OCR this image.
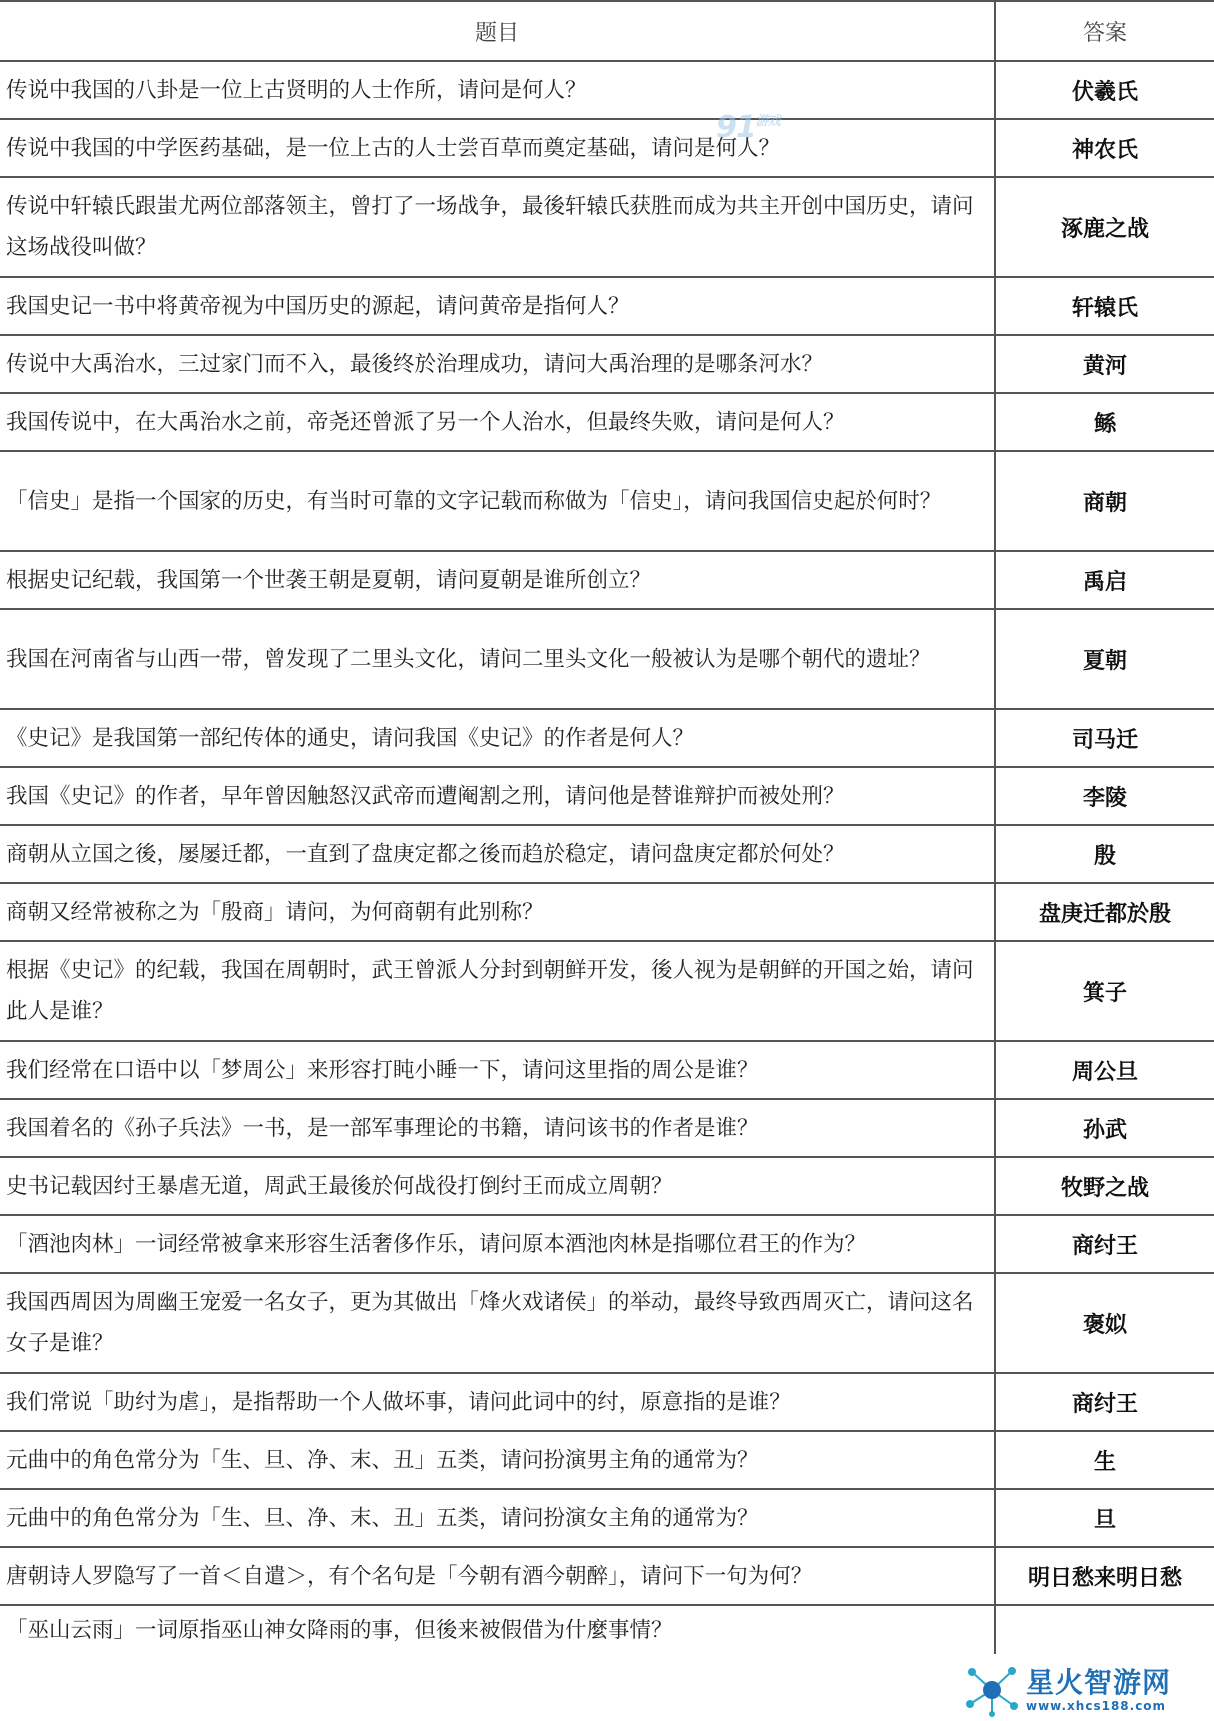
题目	答案
传说中我国的八卦是一位上古贤明的人士作所，请问是何人？	伏羲氏
传说中我国的中学医药基础，是一位上古的人士尝百草而奠定基础，请问是何人？	神农氏
传说中轩辕氏跟蚩尤两位部落领主，曾打了一场战争，最後轩辕氏获胜而成为共主开创中国历史，请问这场战役叫做？	涿鹿之战
我国史记一书中将黄帝视为中国历史的源起，请问黄帝是指何人？	轩辕氏
传说中大禹治水，三过家门而不入，最後终於治理成功，请问大禹治理的是哪条河水？	黄河
我国传说中，在大禹治水之前，帝尧还曾派了另一个人治水，但最终失败，请问是何人？	鲧
「信史」是指一个国家的历史，有当时可靠的文字记载而称做为「信史」，请问我国信史起於何时？	商朝
根据史记纪载，我国第一个世袭王朝是夏朝，请问夏朝是谁所创立？	禹启
我国在河南省与山西一带，曾发现了二里头文化，请问二里头文化一般被认为是哪个朝代的遗址？	夏朝
《史记》是我国第一部纪传体的通史，请问我国《史记》的作者是何人？	司马迁
我国《史记》的作者，早年曾因触怒汉武帝而遭阉割之刑，请问他是替谁辩护而被处刑？	李陵
商朝从立国之後，屡屡迁都，一直到了盘庚定都之後而趋於稳定，请问盘庚定都於何处？	殷
商朝又经常被称之为「殷商」请问，为何商朝有此别称？	盘庚迁都於殷
根据《史记》的纪载，我国在周朝时，武王曾派人分封到朝鲜开发，後人视为是朝鲜的开国之始，请问此人是谁？	箕子
我们经常在口语中以「梦周公」来形容打盹小睡一下，请问这里指的周公是谁？	周公旦
我国着名的《孙子兵法》一书，是一部军事理论的书籍，请问该书的作者是谁？	孙武
史书记载因纣王暴虐无道，周武王最後於何战役打倒纣王而成立周朝？	牧野之战
「酒池肉林」一词经常被拿来形容生活奢侈作乐，请问原本酒池肉林是指哪位君王的作为？	商纣王
我国西周因为周幽王宠爱一名女子，更为其做出「烽火戏诸侯」的举动，最终导致西周灭亡，请问这名女子是谁？	褒姒
我们常说「助纣为虐」，是指帮助一个人做坏事，请问此词中的纣，原意指的是谁？	商纣王
元曲中的角色常分为「生、旦、净、末、丑」五类，请问扮演男主角的通常为？	生
元曲中的角色常分为「生、旦、净、末、丑」五类，请问扮演女主角的通常为？	旦
唐朝诗人罗隐写了一首＜自遣＞，有个名句是「今朝有酒今朝醉」，请问下一句为何？	明日愁来明日愁
「巫山云雨」一词原指巫山神女降雨的事，但後来被假借为什麼事情？	
$91^{游戏}$
星火智游网
www.xhcs188.com
